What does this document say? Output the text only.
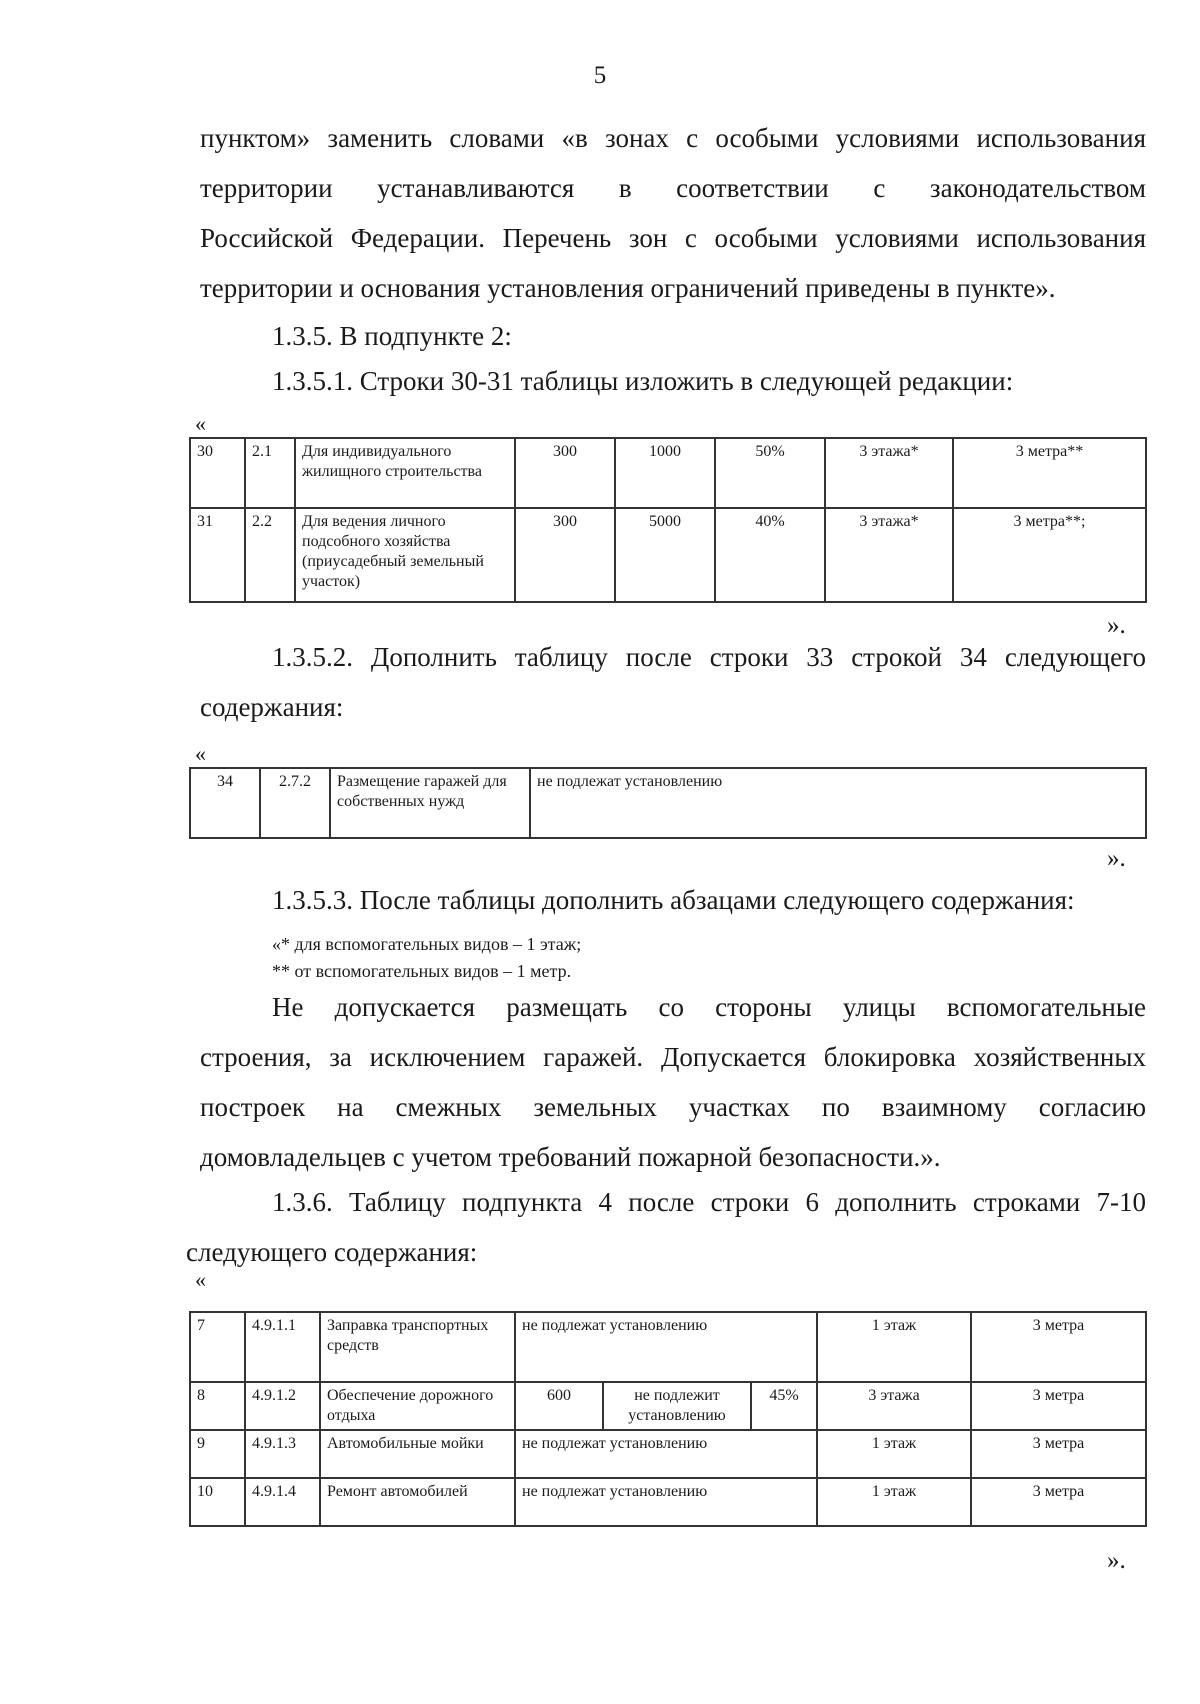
5
пунктом» заменить словами «в зонах с особыми условиями использования
территории устанавливаются в соответствии с законодательством
Российской Федерации. Перечень зон с особыми условиями использования
территории и основания установления ограничений приведены в пункте».
1.3.5. В подпункте 2:
1.3.5.1. Строки 30-31 таблицы изложить в следующей редакции:
«
30	2.1	Для индивидуального жилищного строительства	300	1000	50%	3 этажа*	3 метра**
31	2.2	Для ведения личного подсобного хозяйства (приусадебный земельный участок)	300	5000	40%	3 этажа*	3 метра**;
».
1.3.5.2. Дополнить таблицу после строки 33 строкой 34 следующего
содержания:
«
34	2.7.2	Размещение гаражей для собственных нужд	не подлежат установлению
».
1.3.5.3. После таблицы дополнить абзацами следующего содержания:
«* для вспомогательных видов – 1 этаж;
** от вспомогательных видов – 1 метр.
Не допускается размещать со стороны улицы вспомогательные
строения, за исключением гаражей. Допускается блокировка хозяйственных
построек на смежных земельных участках по взаимному согласию
домовладельцев с учетом требований пожарной безопасности.».
1.3.6. Таблицу подпункта 4 после строки 6 дополнить строками 7-10
следующего содержания:
«
7	4.9.1.1	Заправка транспортных средств	не подлежат установлению			1 этаж	3 метра
8	4.9.1.2	Обеспечение дорожного отдыха	600	не подлежит установлению	45%	3 этажа	3 метра
9	4.9.1.3	Автомобильные мойки	не подлежат установлению			1 этаж	3 метра
10	4.9.1.4	Ремонт автомобилей	не подлежат установлению			1 этаж	3 метра
».
